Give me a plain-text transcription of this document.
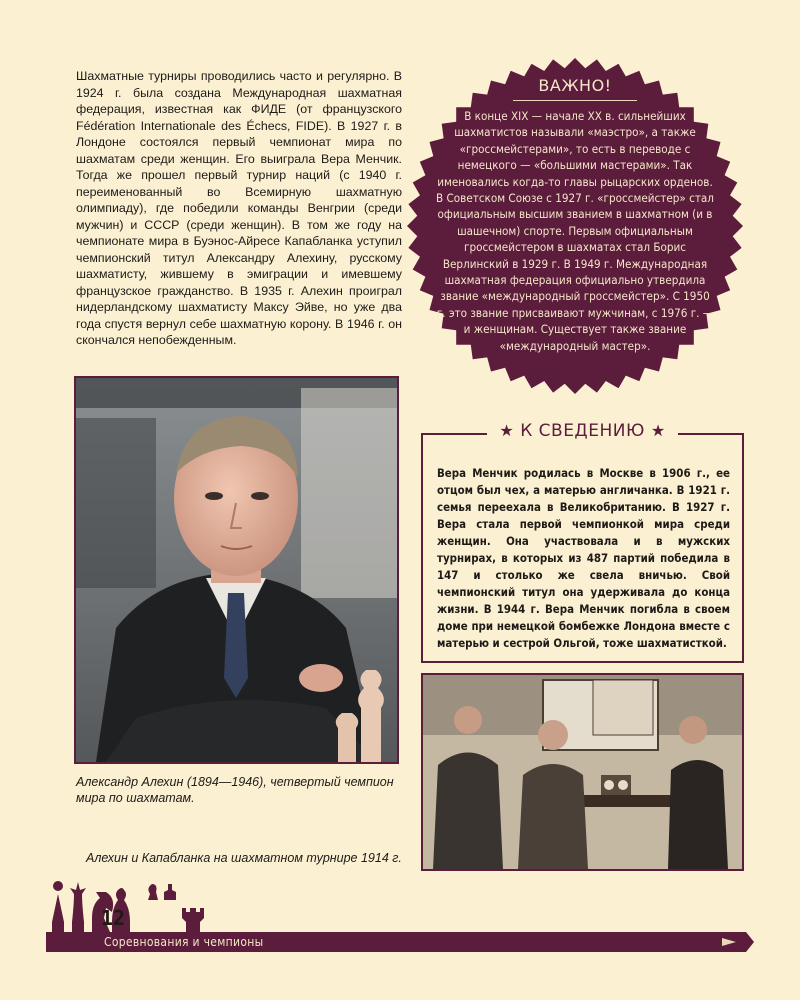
Шахматные турниры проводились часто и регулярно. В 1924 г. была создана Международная шахматная федерация, известная как ФИДЕ (от французского Fédération Internationale des Échecs, FIDE). В 1927 г. в Лондоне состоялся первый чемпионат мира по шахматам среди женщин. Его выиграла Вера Менчик. Тогда же прошел первый турнир наций (с 1940 г. переименованный во Всемирную шахматную олимпиаду), где победили команды Венгрии (среди мужчин) и СССР (среди женщин). В том же году на чемпионате мира в Буэнос-Айресе Капабланка уступил чемпионский титул Александру Алехину, русскому шахматисту, жившему в эмиграции и имевшему французское гражданство. В 1935 г. Алехин проиграл нидерландскому шахматисту Максу Эйве, но уже два года спустя вернул себе шахматную корону. В 1946 г. он скончался непобежденным.

ВАЖНО!

В конце XIX — начале XX в. сильнейших шахматистов называли «маэстро», а также «гроссмейстерами», то есть в переводе с немецкого — «большими мастерами». Так именовались когда-то главы рыцарских орденов. В Советском Союзе с 1927 г. «гроссмейстер» стал официальным высшим званием в шахматном (и в шашечном) спорте. Первым официальным гроссмейстером в шахматах стал Борис Верлинский в 1929 г. В 1949 г. Международная шахматная федерация официально утвердила звание «международный гроссмейстер». С 1950 г. это звание присваивают мужчинам, с 1976 г. — и женщинам. Существует также звание «международный мастер».

Александр Алехин (1894—1946), четвертый чемпион мира по шахматам.

★ К СВЕДЕНИЮ ★

Вера Менчик родилась в Москве в 1906 г., ее отцом был чех, а матерью англичанка. В 1921 г. семья переехала в Великобританию. В 1927 г. Вера стала первой чемпионкой мира среди женщин. Она участвовала и в мужских турнирах, в которых из 487 партий победила в 147 и столько же свела вничью. Свой чемпионский титул она удерживала до конца жизни. В 1944 г. Вера Менчик погибла в своем доме при немецкой бомбежке Лондона вместе с матерью и сестрой Ольгой, тоже шахматисткой.

Алехин и Капабланка на шахматном турнире 1914 г.

12
Соревнования и чемпионы
